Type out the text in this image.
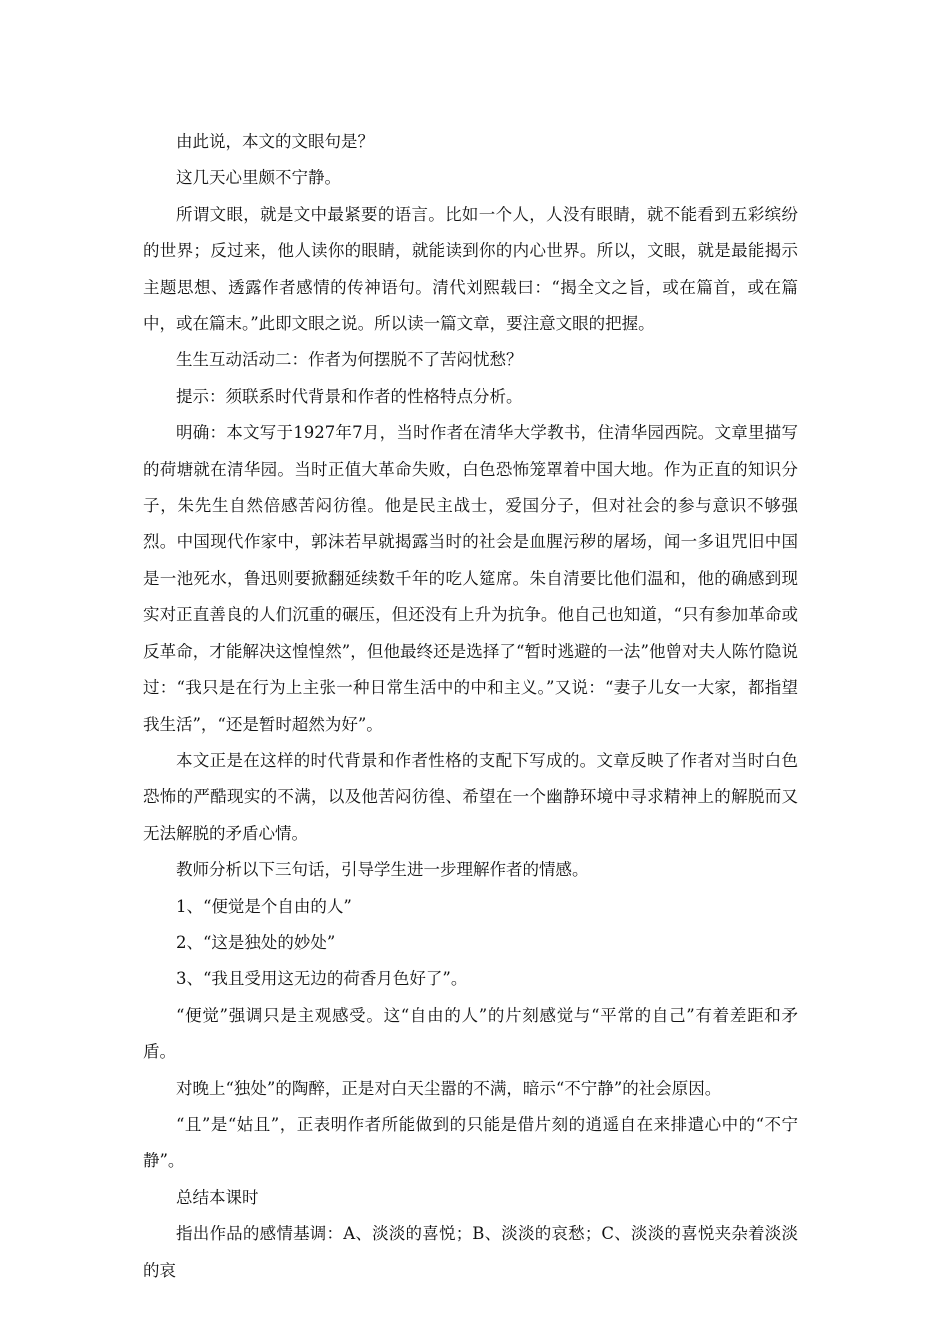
由此说，本文的文眼句是？

这几天心里颇不宁静。

所谓文眼，就是文中最紧要的语言。比如一个人，人没有眼睛，就不能看到五彩缤纷的世界；反过来，他人读你的眼睛，就能读到你的内心世界。所以，文眼，就是最能揭示主题思想、透露作者感情的传神语句。清代刘熙载曰：“揭全文之旨，或在篇首，或在篇中，或在篇末。”此即文眼之说。所以读一篇文章，要注意文眼的把握。

生生互动活动二：作者为何摆脱不了苦闷忧愁？

提示：须联系时代背景和作者的性格特点分析。

明确：本文写于1927年7月，当时作者在清华大学教书，住清华园西院。文章里描写的荷塘就在清华园。当时正值大革命失败，白色恐怖笼罩着中国大地。作为正直的知识分子，朱先生自然倍感苦闷彷徨。他是民主战士，爱国分子，但对社会的参与意识不够强烈。中国现代作家中，郭沫若早就揭露当时的社会是血腥污秽的屠场，闻一多诅咒旧中国是一池死水，鲁迅则要掀翻延续数千年的吃人筵席。朱自清要比他们温和，他的确感到现实对正直善良的人们沉重的碾压，但还没有上升为抗争。他自己也知道，“只有参加革命或反革命，才能解决这惶惶然”，但他最终还是选择了“暂时逃避的一法”他曾对夫人陈竹隐说过：“我只是在行为上主张一种日常生活中的中和主义。”又说：“妻子儿女一大家，都指望我生活”，“还是暂时超然为好”。

本文正是在这样的时代背景和作者性格的支配下写成的。文章反映了作者对当时白色恐怖的严酷现实的不满，以及他苦闷彷徨、希望在一个幽静环境中寻求精神上的解脱而又无法解脱的矛盾心情。

教师分析以下三句话，引导学生进一步理解作者的情感。

1、“便觉是个自由的人”

2、“这是独处的妙处”

3、“我且受用这无边的荷香月色好了”。

“便觉”强调只是主观感受。这“自由的人”的片刻感觉与“平常的自己”有着差距和矛盾。

对晚上“独处”的陶醉，正是对白天尘嚣的不满，暗示“不宁静”的社会原因。

“且”是“姑且”，正表明作者所能做到的只能是借片刻的逍遥自在来排遣心中的“不宁静”。

总结本课时

指出作品的感情基调：A、淡淡的喜悦；B、淡淡的哀愁；C、淡淡的喜悦夹杂着淡淡的哀
